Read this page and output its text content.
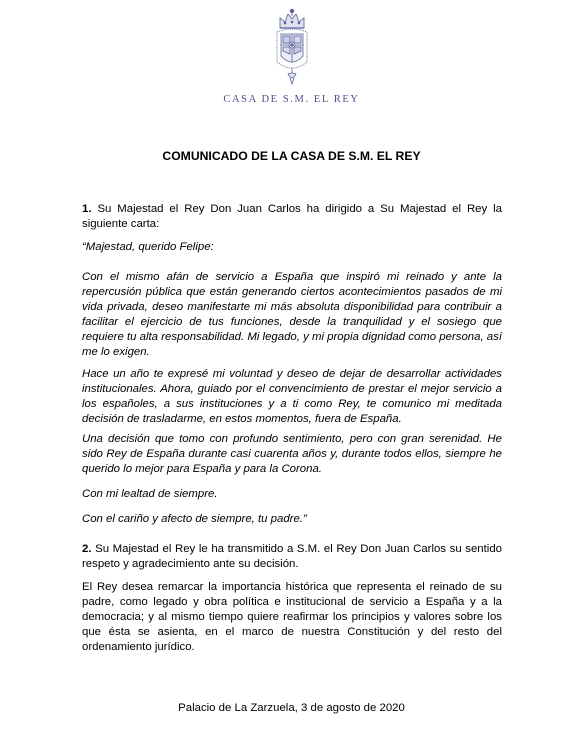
CASA DE S.M. EL REY
COMUNICADO DE LA CASA DE S.M. EL REY

1. Su Majestad el Rey Don Juan Carlos ha dirigido a Su Majestad el Rey la siguiente carta:

“Majestad, querido Felipe:

Con el mismo afán de servicio a España que inspiró mi reinado y ante la repercusión pública que están generando ciertos acontecimientos pasados de mi vida privada, deseo manifestarte mi más absoluta disponibilidad para contribuir a facilitar el ejercicio de tus funciones, desde la tranquilidad y el sosiego que requiere tu alta responsabilidad. Mi legado, y mi propia dignidad como persona, así me lo exigen.

Hace un año te expresé mi voluntad y deseo de dejar de desarrollar actividades institucionales. Ahora, guiado por el convencimiento de prestar el mejor servicio a los españoles, a sus instituciones y a ti como Rey, te comunico mi meditada decisión de trasladarme, en estos momentos, fuera de España.

Una decisión que tomo con profundo sentimiento, pero con gran serenidad. He sido Rey de España durante casi cuarenta años y, durante todos ellos, siempre he querido lo mejor para España y para la Corona.

Con mi lealtad de siempre.

Con el cariño y afecto de siempre, tu padre.”

2. Su Majestad el Rey le ha transmitido a S.M. el Rey Don Juan Carlos su sentido respeto y agradecimiento ante su decisión.

El Rey desea remarcar la importancia histórica que representa el reinado de su padre, como legado y obra política e institucional de servicio a España y a la democracia; y al mismo tiempo quiere reafirmar los principios y valores sobre los que ésta se asienta, en el marco de nuestra Constitución y del resto del ordenamiento jurídico.

Palacio de La Zarzuela, 3 de agosto de 2020
